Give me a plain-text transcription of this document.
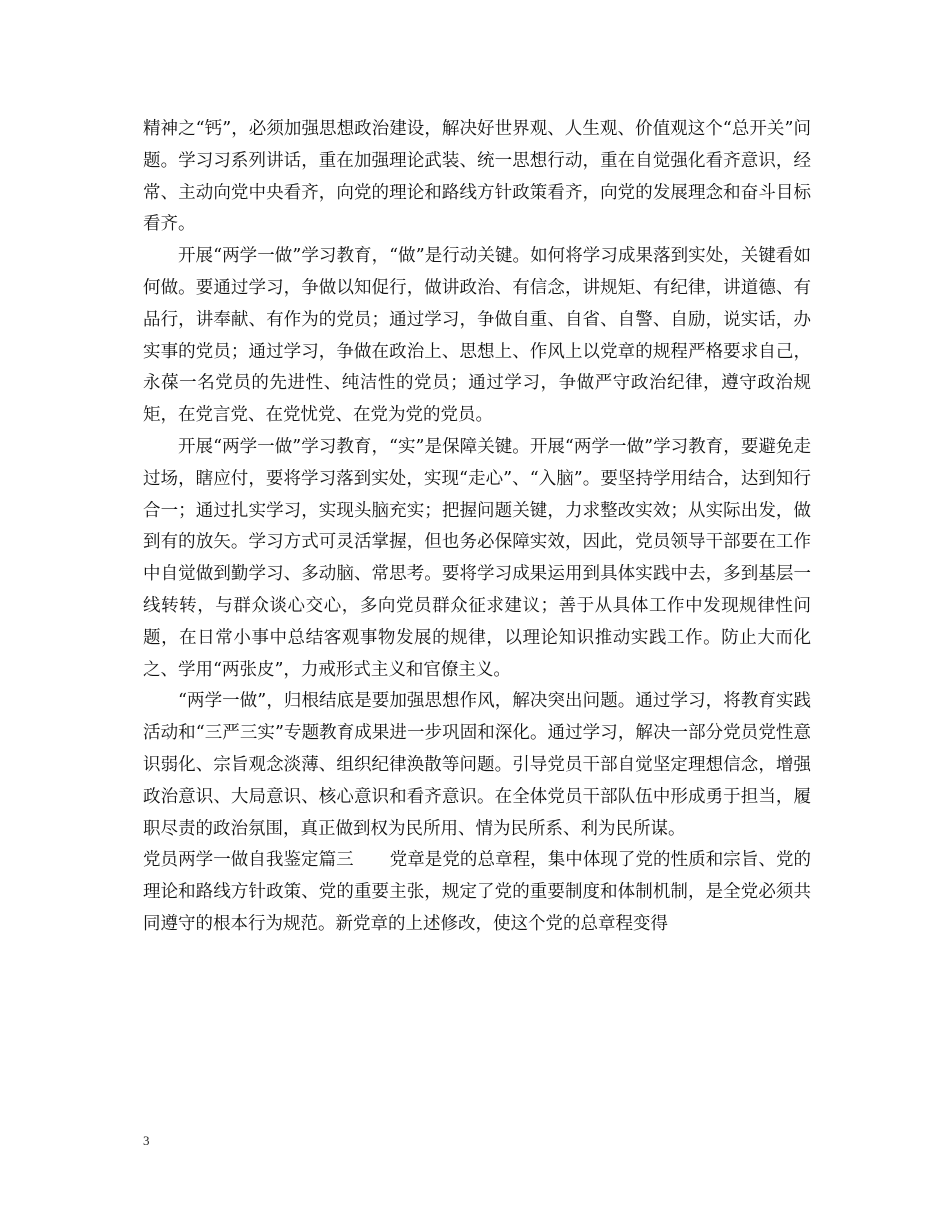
精神之“钙”，必须加强思想政治建设，解决好世界观、人生观、价值观这个“总开关”问题。学习习系列讲话，重在加强理论武装、统一思想行动，重在自觉强化看齐意识，经常、主动向党中央看齐，向党的理论和路线方针政策看齐，向党的发展理念和奋斗目标看齐。

开展“两学一做”学习教育，“做”是行动关键。如何将学习成果落到实处，关键看如何做。要通过学习，争做以知促行，做讲政治、有信念，讲规矩、有纪律，讲道德、有品行，讲奉献、有作为的党员；通过学习，争做自重、自省、自警、自励，说实话，办实事的党员；通过学习，争做在政治上、思想上、作风上以党章的规程严格要求自己，永葆一名党员的先进性、纯洁性的党员；通过学习，争做严守政治纪律，遵守政治规矩，在党言党、在党忧党、在党为党的党员。

开展“两学一做”学习教育，“实”是保障关键。开展“两学一做”学习教育，要避免走过场，瞎应付，要将学习落到实处，实现“走心”、“入脑”。要坚持学用结合，达到知行合一；通过扎实学习，实现头脑充实；把握问题关键，力求整改实效；从实际出发，做到有的放矢。学习方式可灵活掌握，但也务必保障实效，因此，党员领导干部要在工作中自觉做到勤学习、多动脑、常思考。要将学习成果运用到具体实践中去，多到基层一线转转，与群众谈心交心，多向党员群众征求建议；善于从具体工作中发现规律性问题，在日常小事中总结客观事物发展的规律，以理论知识推动实践工作。防止大而化之、学用“两张皮”，力戒形式主义和官僚主义。

“两学一做”，归根结底是要加强思想作风，解决突出问题。通过学习，将教育实践活动和“三严三实”专题教育成果进一步巩固和深化。通过学习，解决一部分党员党性意识弱化、宗旨观念淡薄、组织纪律涣散等问题。引导党员干部自觉坚定理想信念，增强政治意识、大局意识、核心意识和看齐意识。在全体党员干部队伍中形成勇于担当，履职尽责的政治氛围，真正做到权为民所用、情为民所系、利为民所谋。

党员两学一做自我鉴定篇三 党章是党的总章程，集中体现了党的性质和宗旨、党的理论和路线方针政策、党的重要主张，规定了党的重要制度和体制机制，是全党必须共同遵守的根本行为规范。新党章的上述修改，使这个党的总章程变得

3
